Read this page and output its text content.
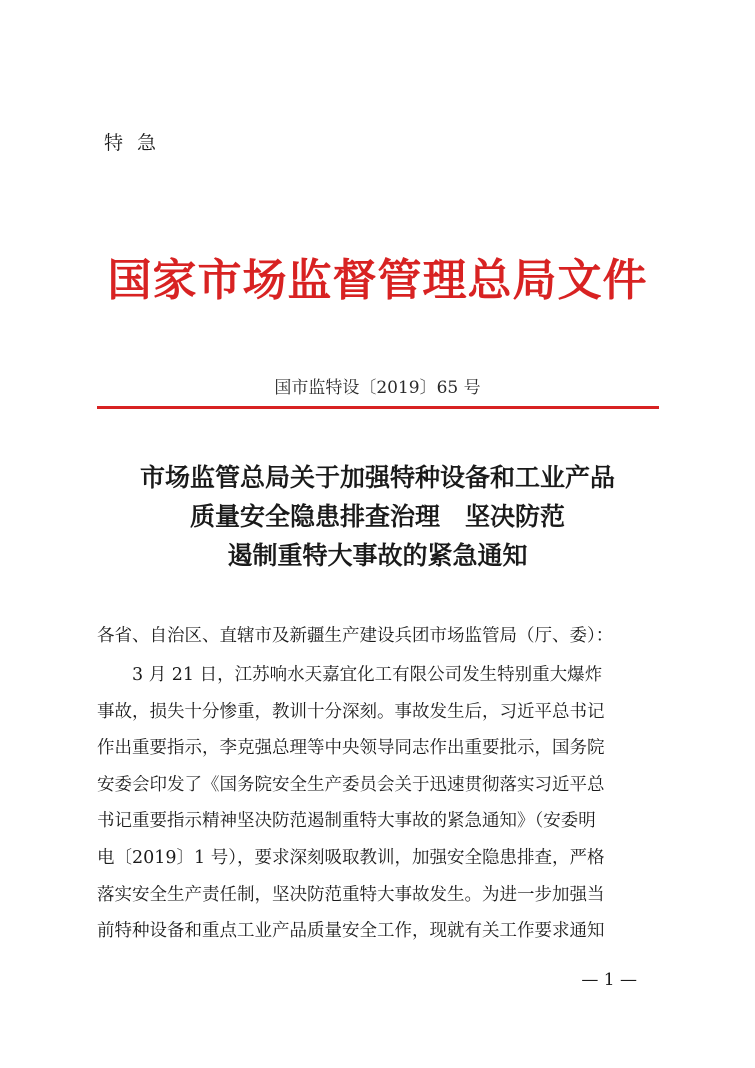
特急
国家市场监督管理总局文件
国市监特设〔2019〕65 号
市场监管总局关于加强特种设备和工业产品
质量安全隐患排查治理　坚决防范
遏制重特大事故的紧急通知
各省、自治区、直辖市及新疆生产建设兵团市场监管局（厅、委）：
　　3 月 21 日，江苏响水天嘉宜化工有限公司发生特别重大爆炸
事故，损失十分惨重，教训十分深刻。事故发生后，习近平总书记
作出重要指示，李克强总理等中央领导同志作出重要批示，国务院
安委会印发了《国务院安全生产委员会关于迅速贯彻落实习近平总
书记重要指示精神坚决防范遏制重特大事故的紧急通知》（安委明
电〔2019〕1 号），要求深刻吸取教训，加强安全隐患排查，严格
落实安全生产责任制，坚决防范重特大事故发生。为进一步加强当
前特种设备和重点工业产品质量安全工作，现就有关工作要求通知
— 1 —
